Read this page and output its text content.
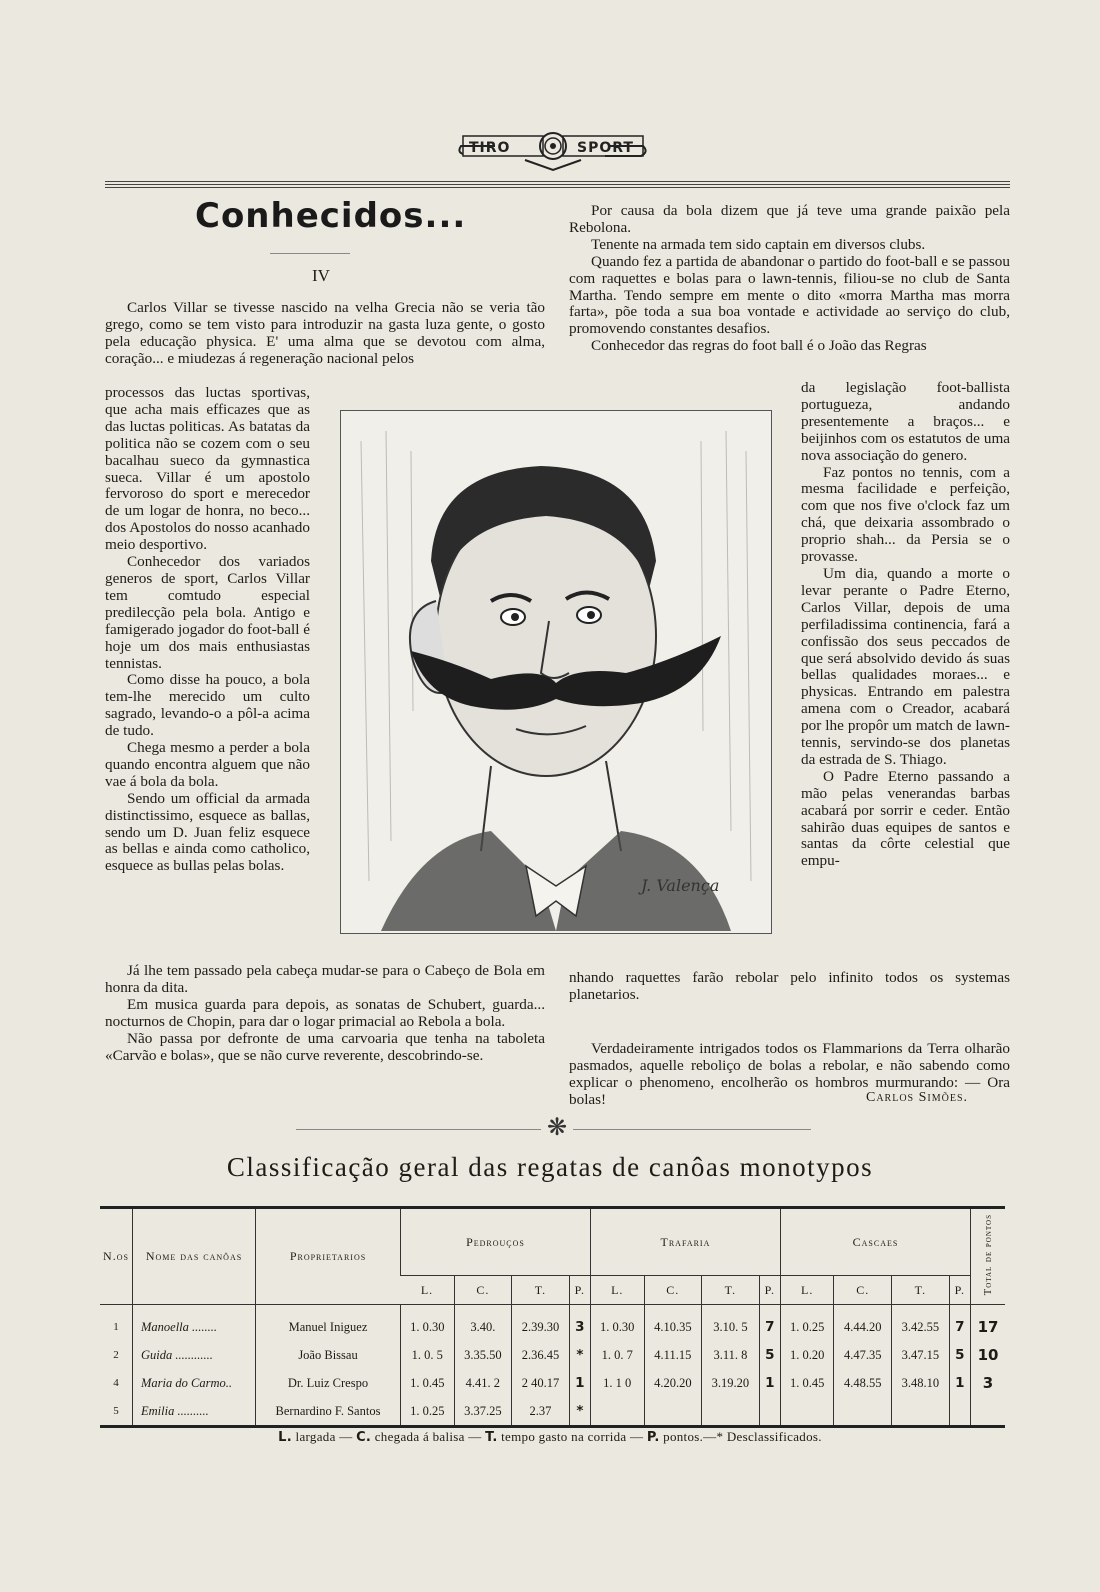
TIRO	SPORT
Conhecidos...
IV

Carlos Villar se tivesse nascido na velha Grecia não se veria tão grego, como se tem visto para introduzir na gasta luza gente, o gosto pela educação physica. E' uma alma que se devotou com alma, coração... e miudezas á regeneração nacional pelos

processos das luctas sportivas, que acha mais efficazes que as das luctas politicas. As batatas da politica não se cozem com o seu bacalhau sueco da gymnastica sueca. Villar é um apostolo fervoroso do sport e merecedor de um logar de honra, no beco... dos Apostolos do nosso acanhado meio desportivo.

Conhecedor dos variados generos de sport, Carlos Villar tem comtudo especial predilecção pela bola. Antigo e famigerado jogador do foot-ball é hoje um dos mais enthusiastas tennistas.

Como disse ha pouco, a bola tem-lhe merecido um culto sagrado, levando-o a pôl-a acima de tudo.

Chega mesmo a perder a bola quando encontra alguem que não vae á bola da bola.

Sendo um official da armada distinctissimo, esquece as ballas, sendo um D. Juan feliz esquece as bellas e ainda como catholico, esquece as bullas pelas bolas.

Já lhe tem passado pela cabeça mudar-se para o Cabeço de Bola em honra da dita.

Em musica guarda para depois, as sonatas de Schubert, guarda... nocturnos de Chopin, para dar o logar primacial ao Rebola a bola.

Não passa por defronte de uma carvoaria que tenha na taboleta «Carvão e bolas», que se não curve reverente, descobrindo-se.

Por causa da bola dizem que já teve uma grande paixão pela Rebolona.

Tenente na armada tem sido captain em diversos clubs.

Quando fez a partida de abandonar o partido do foot-ball e se passou com raquettes e bolas para o lawn-tennis, filiou-se no club de Santa Martha. Tendo sempre em mente o dito «morra Martha mas morra farta», põe toda a sua boa vontade e actividade ao serviço do club, promovendo constantes desafios.

Conhecedor das regras do foot ball é o João das Regras

da legislação foot-ballista portugueza, andando presentemente a braços... e beijinhos com os estatutos de uma nova associação do genero.

Faz pontos no tennis, com a mesma facilidade e perfeição, com que nos five o'clock faz um chá, que deixaria assombrado o proprio shah... da Persia se o provasse.

Um dia, quando a morte o levar perante o Padre Eterno, Carlos Villar, depois de uma perfiladissima continencia, fará a confissão dos seus peccados de que será absolvido devido ás suas bellas qualidades moraes... e physicas. Entrando em palestra amena com o Creador, acabará por lhe propôr um match de lawn-tennis, servindo-se dos planetas da estrada de S. Thiago.

O Padre Eterno passando a mão pelas venerandas barbas acabará por sorrir e ceder. Então sahirão duas equipes de santos e santas da côrte celestial que empu-

nhando raquettes farão rebolar pelo infinito todos os systemas planetarios.

Verdadeiramente intrigados todos os Flammarions da Terra olharão pasmados, aquelle reboliço de bolas a rebolar, e não sabendo como explicar o phenomeno, encolherão os hombros murmurando: — Ora bolas!	Carlos Simões.
J. Valença
❋
Classificação geral das regatas de canôas monotypos
N.os	Nome das canôas	Proprietarios	Pedrouços				Trafaria				Cascaes				Total de pontos
			L.	C.	T.	P.	L.	C.	T.	P.	L.	C.	T.	P.	
1	Manoella ........	Manuel Iniguez	1. 0.30	3.40.	2.39.30	3	1. 0.30	4.10.35	3.10. 5	7	1. 0.25	4.44.20	3.42.55	7	17
2	Guida ............	João Bissau	1. 0. 5	3.35.50	2.36.45	*	1. 0. 7	4.11.15	3.11. 8	5	1. 0.20	4.47.35	3.47.15	5	10
4	Maria do Carmo..	Dr. Luiz Crespo	1. 0.45	4.41. 2	2 40.17	1	1. 1 0	4.20.20	3.19.20	1	1. 0.45	4.48.55	3.48.10	1	3
5	Emilia ..........	Bernardino F. Santos	1. 0.25	3.37.25	2.37	*									
L. largada — C. chegada á balisa — T. tempo gasto na corrida — P. pontos.—* Desclassificados.
